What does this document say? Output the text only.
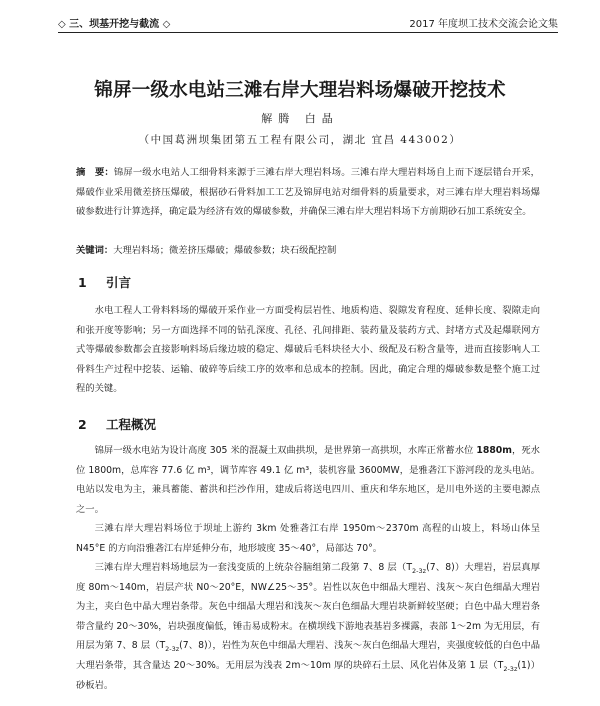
◇ 三、坝基开挖与截流 ◇	2017 年度坝工技术交流会论文集
锦屏一级水电站三滩右岸大理岩料场爆破开挖技术
解腾 白晶
（中国葛洲坝集团第五工程有限公司，湖北 宜昌 443002）
摘　要：锦屏一级水电站人工细骨料来源于三滩右岸大理岩料场。三滩右岸大理岩料场自上而下逐层错台开采，爆破作业采用微差挤压爆破，根据砂石骨料加工工艺及锦屏电站对细骨料的质量要求，对三滩右岸大理岩料场爆破参数进行计算选择，确定最为经济有效的爆破参数，并确保三滩右岸大理岩料场下方前期砂石加工系统安全。
关键词：大理岩料场；微差挤压爆破；爆破参数；块石级配控制
1 引言

水电工程人工骨料料场的爆破开采作业一方面受构层岩性、地质构造、裂隙发育程度、延伸长度、裂隙走向和张开度等影响；另一方面选择不同的钻孔深度、孔径、孔间排距、装药量及装药方式、封堵方式及起爆联网方式等爆破参数都会直接影响料场后缘边坡的稳定、爆破后毛料块径大小、级配及石粉含量等，进而直接影响人工骨料生产过程中挖装、运输、破碎等后续工序的效率和总成本的控制。因此，确定合理的爆破参数是整个施工过程的关键。

2 工程概况

锦屏一级水电站为设计高度 305 米的混凝土双曲拱坝，是世界第一高拱坝，水库正常蓄水位 1880m，死水位 1800m，总库容 77.6 亿 m³，调节库容 49.1 亿 m³，装机容量 3600MW，是雅砻江下游河段的龙头电站。电站以发电为主，兼具蓄能、蓄洪和拦沙作用，建成后将送电四川、重庆和华东地区，是川电外送的主要电源点之一。

三滩右岸大理岩料场位于坝址上游约 3km 处雅砻江右岸 1950m～2370m 高程的山坡上，料场山体呈 N45°E 的方向沿雅砻江右岸延伸分布，地形坡度 35～40°，局部达 70°。

三滩右岸大理岩料场地层为一套浅变质的上统杂谷脑组第二段第 7、8 层（$T_{2-3z}(7$、8)）大理岩，岩层真厚度 80m～140m，岩层产状 N0～20°E，NW∠25～35°。岩性以灰色中细晶大理岩、浅灰～灰白色细晶大理岩为主，夹白色中晶大理岩条带。灰色中细晶大理岩和浅灰～灰白色细晶大理岩块新鲜较坚硬；白色中晶大理岩条带含量约 20～30%，岩块强度偏低，锤击易成粉末。在横坝线下游地表基岩多裸露，表部 1～2m 为无用层，有用层为第 7、8 层（$T_{2-3z}(7$、8)），岩性为灰色中细晶大理岩、浅灰～灰白色细晶大理岩，夹强度较低的白色中晶大理岩条带，其含量达 20～30%。无用层为浅表 2m～10m 厚的块碎石土层、风化岩体及第 1 层$(T_{2-3z}(1))$砂板岩。
